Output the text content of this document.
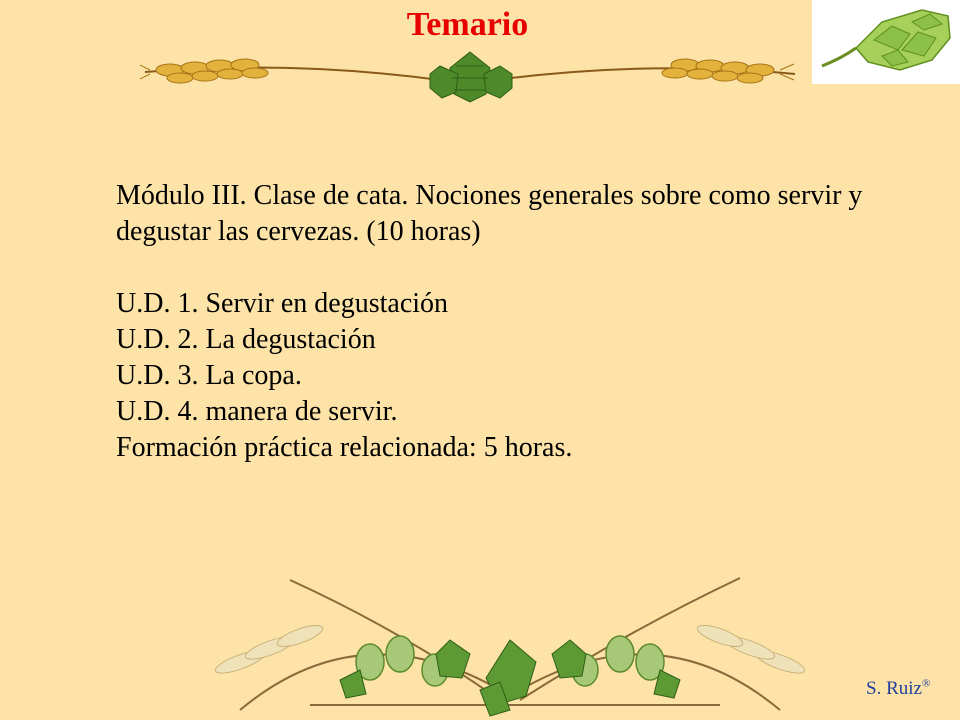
Temario

Módulo III. Clase de cata. Nociones generales sobre como servir y degustar las cervezas. (10 horas)

U.D. 1. Servir en degustación
U.D. 2. La degustación
U.D. 3. La copa.
U.D. 4. manera de servir.
Formación práctica relacionada: 5 horas.
S. Ruiz®
